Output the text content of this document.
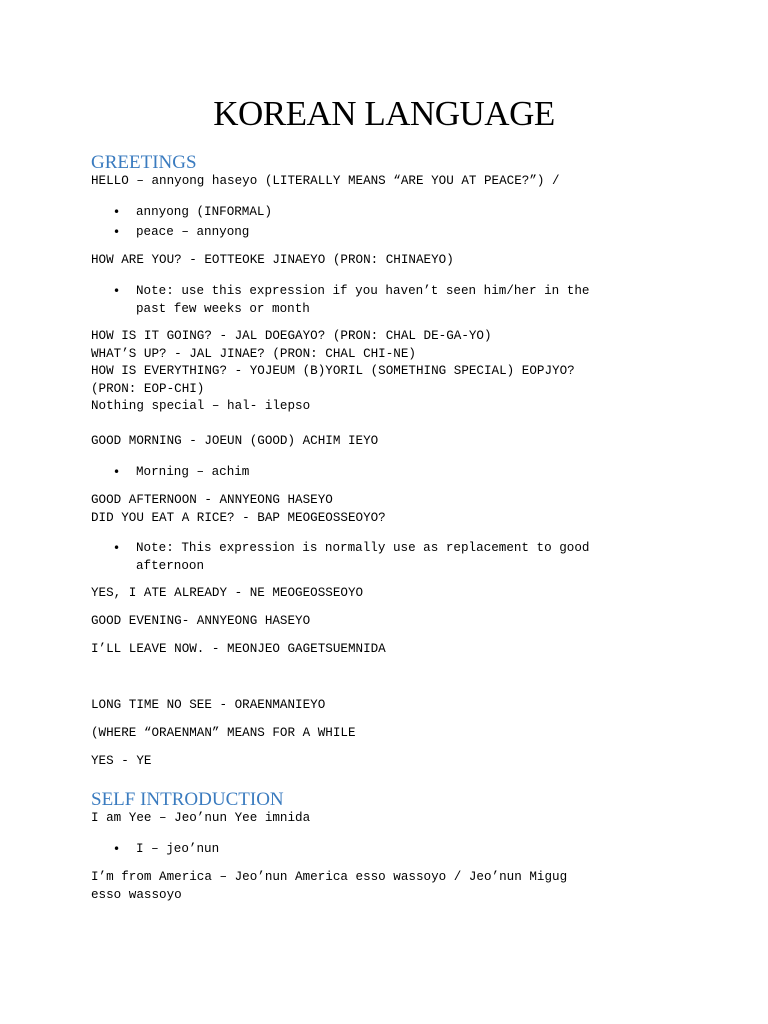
KOREAN LANGUAGE
GREETINGS
HELLO – annyong haseyo (LITERALLY MEANS “ARE YOU AT PEACE?”) /

•

annyong (INFORMAL)

•

peace – annyong

HOW ARE YOU? - EOTTEOKE JINAEYO (PRON: CHINAEYO)

•

Note: use this expression if you haven’t seen him/her in the

past few weeks or month

HOW IS IT GOING? - JAL DOEGAYO? (PRON: CHAL DE-GA-YO)
WHAT’S UP? - JAL JINAE? (PRON: CHAL CHI-NE)
HOW IS EVERYTHING? - YOJEUM (B)YORIL (SOMETHING SPECIAL) EOPJYO?
(PRON: EOP-CHI)
Nothing special – hal- ilepso
GOOD MORNING - JOEUN (GOOD) ACHIM IEYO

•

Morning – achim

GOOD AFTERNOON - ANNYEONG HASEYO
DID YOU EAT A RICE? - BAP MEOGEOSSEOYO?

•

Note: This expression is normally use as replacement to good

afternoon

YES, I ATE ALREADY - NE MEOGEOSSEOYO
GOOD EVENING- ANNYEONG HASEYO
I’LL LEAVE NOW. - MEONJEO GAGETSUEMNIDA
LONG TIME NO SEE - ORAENMANIEYO
(WHERE “ORAENMAN” MEANS FOR A WHILE
YES - YE
SELF INTRODUCTION
I am Yee – Jeo’nun Yee imnida

•

I – jeo’nun

I’m from America – Jeo’nun America esso wassoyo / Jeo’nun Migug
esso wassoyo
